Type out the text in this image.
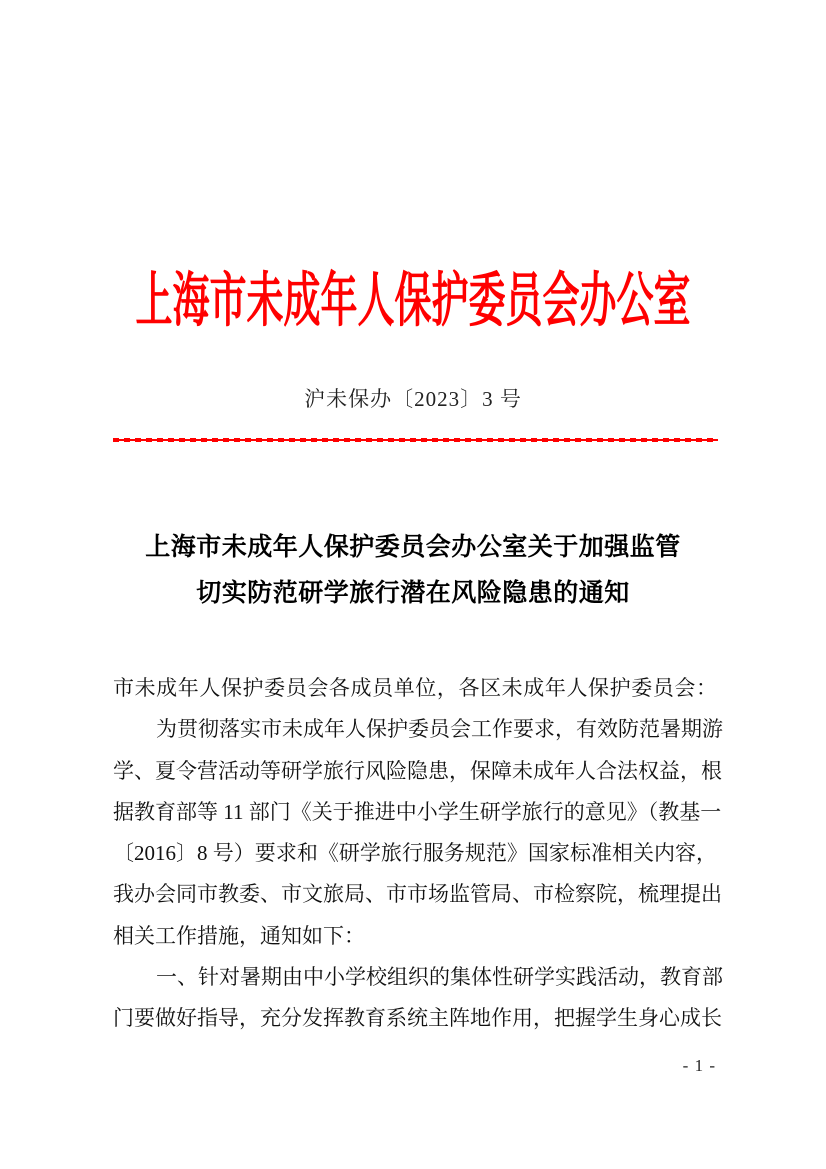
上海市未成年人保护委员会办公室
沪未保办〔2023〕3 号
上海市未成年人保护委员会办公室关于加强监管
切实防范研学旅行潜在风险隐患的通知
市未成年人保护委员会各成员单位，各区未成年人保护委员会：
为贯彻落实市未成年人保护委员会工作要求，有效防范暑期游
学、夏令营活动等研学旅行风险隐患，保障未成年人合法权益，根
据教育部等 11 部门《关于推进中小学生研学旅行的意见》（教基一
〔2016〕8 号）要求和《研学旅行服务规范》国家标准相关内容，
我办会同市教委、市文旅局、市市场监管局、市检察院，梳理提出
相关工作措施，通知如下：
一、针对暑期由中小学校组织的集体性研学实践活动，教育部
门要做好指导，充分发挥教育系统主阵地作用，把握学生身心成长
- 1 -
